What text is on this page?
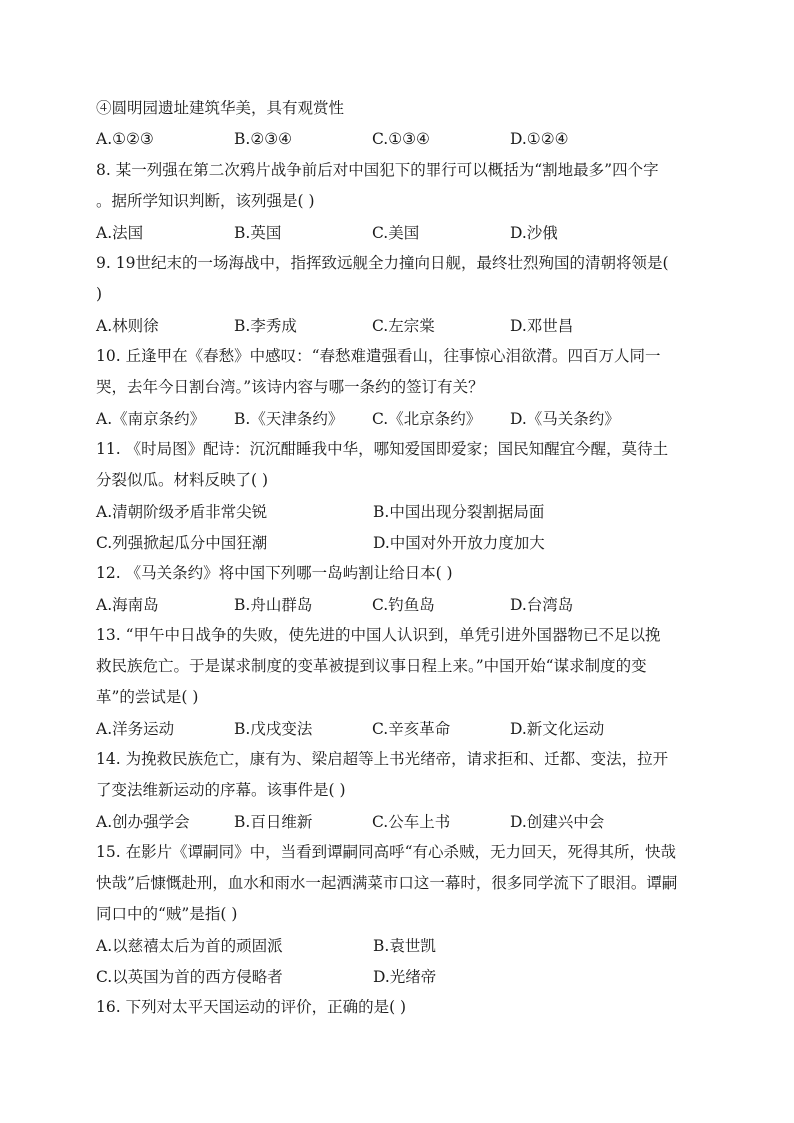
④圆明园遗址建筑华美，具有观赏性
A.①②③	B.②③④	C.①③④	D.①②④
8. 某一列强在第二次鸦片战争前后对中国犯下的罪行可以概括为“割地最多”四个字
。据所学知识判断，该列强是( )
A.法国	B.英国	C.美国	D.沙俄
9. 19世纪末的一场海战中，指挥致远舰全力撞向日舰，最终壮烈殉国的清朝将领是(
)
A.林则徐	B.李秀成	C.左宗棠	D.邓世昌
10. 丘逢甲在《春愁》中感叹：“春愁难遣强看山，往事惊心泪欲潸。四百万人同一
哭，去年今日割台湾。”该诗内容与哪一条约的签订有关？
A.《南京条约》	B.《天津条约》	C.《北京条约》	D.《马关条约》
11. 《时局图》配诗：沉沉酣睡我中华，哪知爱国即爱家；国民知醒宜今醒，莫待土
分裂似瓜。材料反映了( )
A.清朝阶级矛盾非常尖锐	B.中国出现分裂割据局面
C.列强掀起瓜分中国狂潮	D.中国对外开放力度加大
12. 《马关条约》将中国下列哪一岛屿割让给日本( )
A.海南岛	B.舟山群岛	C.钓鱼岛	D.台湾岛
13. “甲午中日战争的失败，使先进的中国人认识到，单凭引进外国器物已不足以挽
救民族危亡。于是谋求制度的变革被提到议事日程上来。”中国开始“谋求制度的变
革”的尝试是( )
A.洋务运动	B.戊戌变法	C.辛亥革命	D.新文化运动
14. 为挽救民族危亡，康有为、梁启超等上书光绪帝，请求拒和、迁都、变法，拉开
了变法维新运动的序幕。该事件是( )
A.创办强学会	B.百日维新	C.公车上书	D.创建兴中会
15. 在影片《谭嗣同》中，当看到谭嗣同高呼“有心杀贼，无力回天，死得其所，快哉
快哉”后慷慨赴刑，血水和雨水一起洒满菜市口这一幕时，很多同学流下了眼泪。谭嗣
同口中的“贼”是指( )
A.以慈禧太后为首的顽固派	B.袁世凯
C.以英国为首的西方侵略者	D.光绪帝
16. 下列对太平天国运动的评价，正确的是( )
